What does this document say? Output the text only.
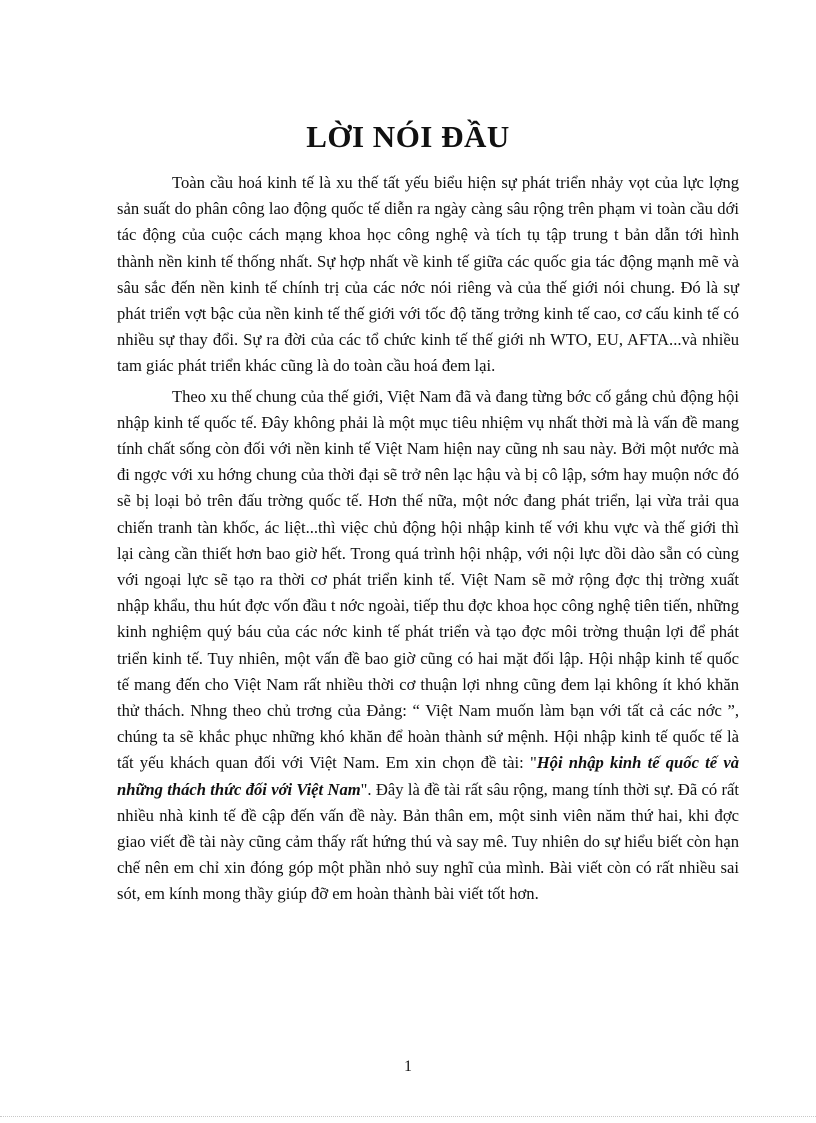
LỜI NÓI ĐẦU

Toàn cầu hoá kinh tế là xu thế tất yếu biểu hiện sự phát triển nhảy vọt của lực lợng sản suất do phân công lao động quốc tế diễn ra ngày càng sâu rộng trên phạm vi toàn cầu dới tác động của cuộc cách mạng khoa học công nghệ và tích tụ tập trung t bản dẫn tới hình thành nền kinh tế thống nhất. Sự hợp nhất về kinh tế giữa các quốc gia tác động mạnh mẽ và sâu sắc đến nền kinh tế chính trị của các nớc nói riêng và của thế giới nói chung. Đó là sự phát triển vợt bậc của nền kinh tế thế giới với tốc độ tăng trởng kinh tế cao, cơ cấu kinh tế có nhiều sự thay đổi. Sự ra đời của các tổ chức kinh tế thế giới nh WTO, EU, AFTA...và nhiều tam giác phát triển khác cũng là do toàn cầu hoá đem lại.

Theo xu thế chung của thế giới, Việt Nam đã và đang từng bớc cố gắng chủ động hội nhập kinh tế quốc tế. Đây không phải là một mục tiêu nhiệm vụ nhất thời mà là vấn đề mang tính chất sống còn đối với nền kinh tế Việt Nam hiện nay cũng nh sau này. Bởi một nước mà đi ngợc với xu hớng chung của thời đại sẽ trở nên lạc hậu và bị cô lập, sớm hay muộn nớc đó sẽ bị loại bỏ trên đấu trờng quốc tế. Hơn thế nữa, một nớc đang phát triển, lại vừa trải qua chiến tranh tàn khốc, ác liệt...thì việc chủ động hội nhập kinh tế với khu vực và thế giới thì lại càng cần thiết hơn bao giờ hết. Trong quá trình hội nhập, với nội lực dồi dào sẵn có cùng với ngoại lực sẽ tạo ra thời cơ phát triển kinh tế. Việt Nam sẽ mở rộng đợc thị trờng xuất nhập khẩu, thu hút đợc vốn đầu t nớc ngoài, tiếp thu đợc khoa học công nghệ tiên tiến, những kinh nghiệm quý báu của các nớc kinh tế phát triển và tạo đợc môi trờng thuận lợi để phát triển kinh tế. Tuy nhiên, một vấn đề bao giờ cũng có hai mặt đối lập. Hội nhập kinh tế quốc tế mang đến cho Việt Nam rất nhiều thời cơ thuận lợi nhng cũng đem lại không ít khó khăn thử thách. Nhng theo chủ trơng của Đảng: “ Việt Nam muốn làm bạn với tất cả các nớc ”, chúng ta sẽ khắc phục những khó khăn để hoàn thành sứ mệnh. Hội nhập kinh tế quốc tế là tất yếu khách quan đối với Việt Nam. Em xin chọn đề tài: "Hội nhập kinh tế quốc tế và những thách thức đối với Việt Nam". Đây là đề tài rất sâu rộng, mang tính thời sự. Đã có rất nhiều nhà kinh tế đề cập đến vấn đề này. Bản thân em, một sinh viên năm thứ hai, khi đợc giao viết đề tài này cũng cảm thấy rất hứng thú và say mê. Tuy nhiên do sự hiểu biết còn hạn chế nên em chỉ xin đóng góp một phần nhỏ suy nghĩ của mình. Bài viết còn có rất nhiều sai sót, em kính mong thầy giúp đỡ em hoàn thành bài viết tốt hơn.

1
